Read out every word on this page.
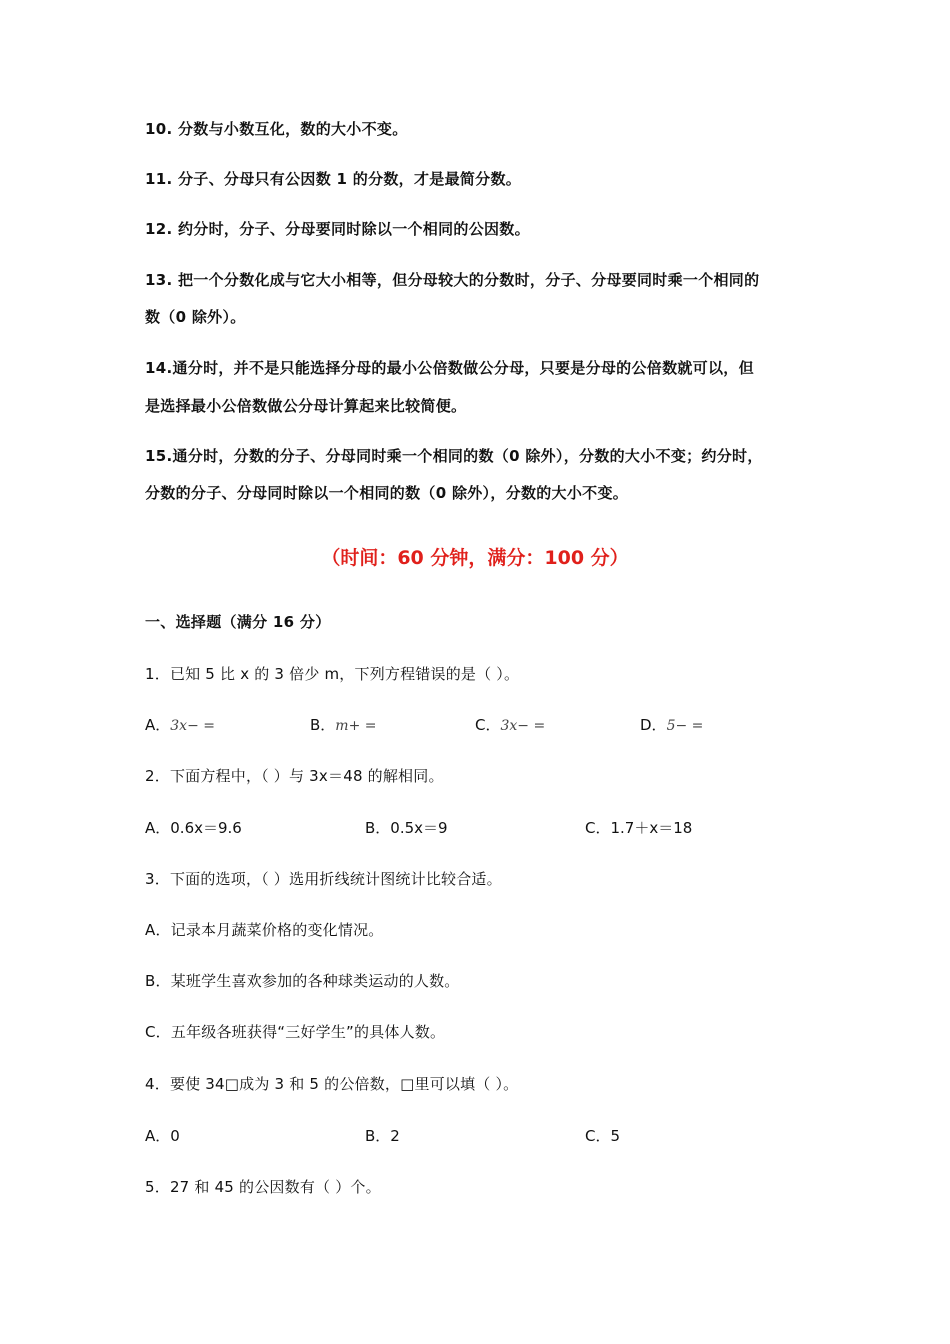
10. 分数与小数互化，数的大小不变。
11. 分子、分母只有公因数 1 的分数，才是最简分数。
12. 约分时，分子、分母要同时除以一个相同的公因数。
13. 把一个分数化成与它大小相等，但分母较大的分数时，分子、分母要同时乘一个相同的
数（0 除外）。
14.通分时，并不是只能选择分母的最小公倍数做公分母，只要是分母的公倍数就可以，但
是选择最小公倍数做公分母计算起来比较简便。
15.通分时，分数的分子、分母同时乘一个相同的数（0 除外），分数的大小不变；约分时，
分数的分子、分母同时除以一个相同的数（0 除外），分数的大小不变。
（时间：60 分钟，满分：100 分）
一、选择题（满分 16 分）
1．已知 5 比 x 的 3 倍少 m，下列方程错误的是（ ）。
A．3x− =	B．m+ =	C．3x− =	D．5− =
2．下面方程中，（ ）与 3x＝48 的解相同。
A．0.6x＝9.6	B．0.5x＝9	C．1.7＋x＝18
3．下面的选项，（ ）选用折线统计图统计比较合适。
A．记录本月蔬菜价格的变化情况。
B．某班学生喜欢参加的各种球类运动的人数。
C．五年级各班获得“三好学生”的具体人数。
4．要使 34□成为 3 和 5 的公倍数，□里可以填（ ）。
A．0	B．2	C．5
5．27 和 45 的公因数有（ ）个。
